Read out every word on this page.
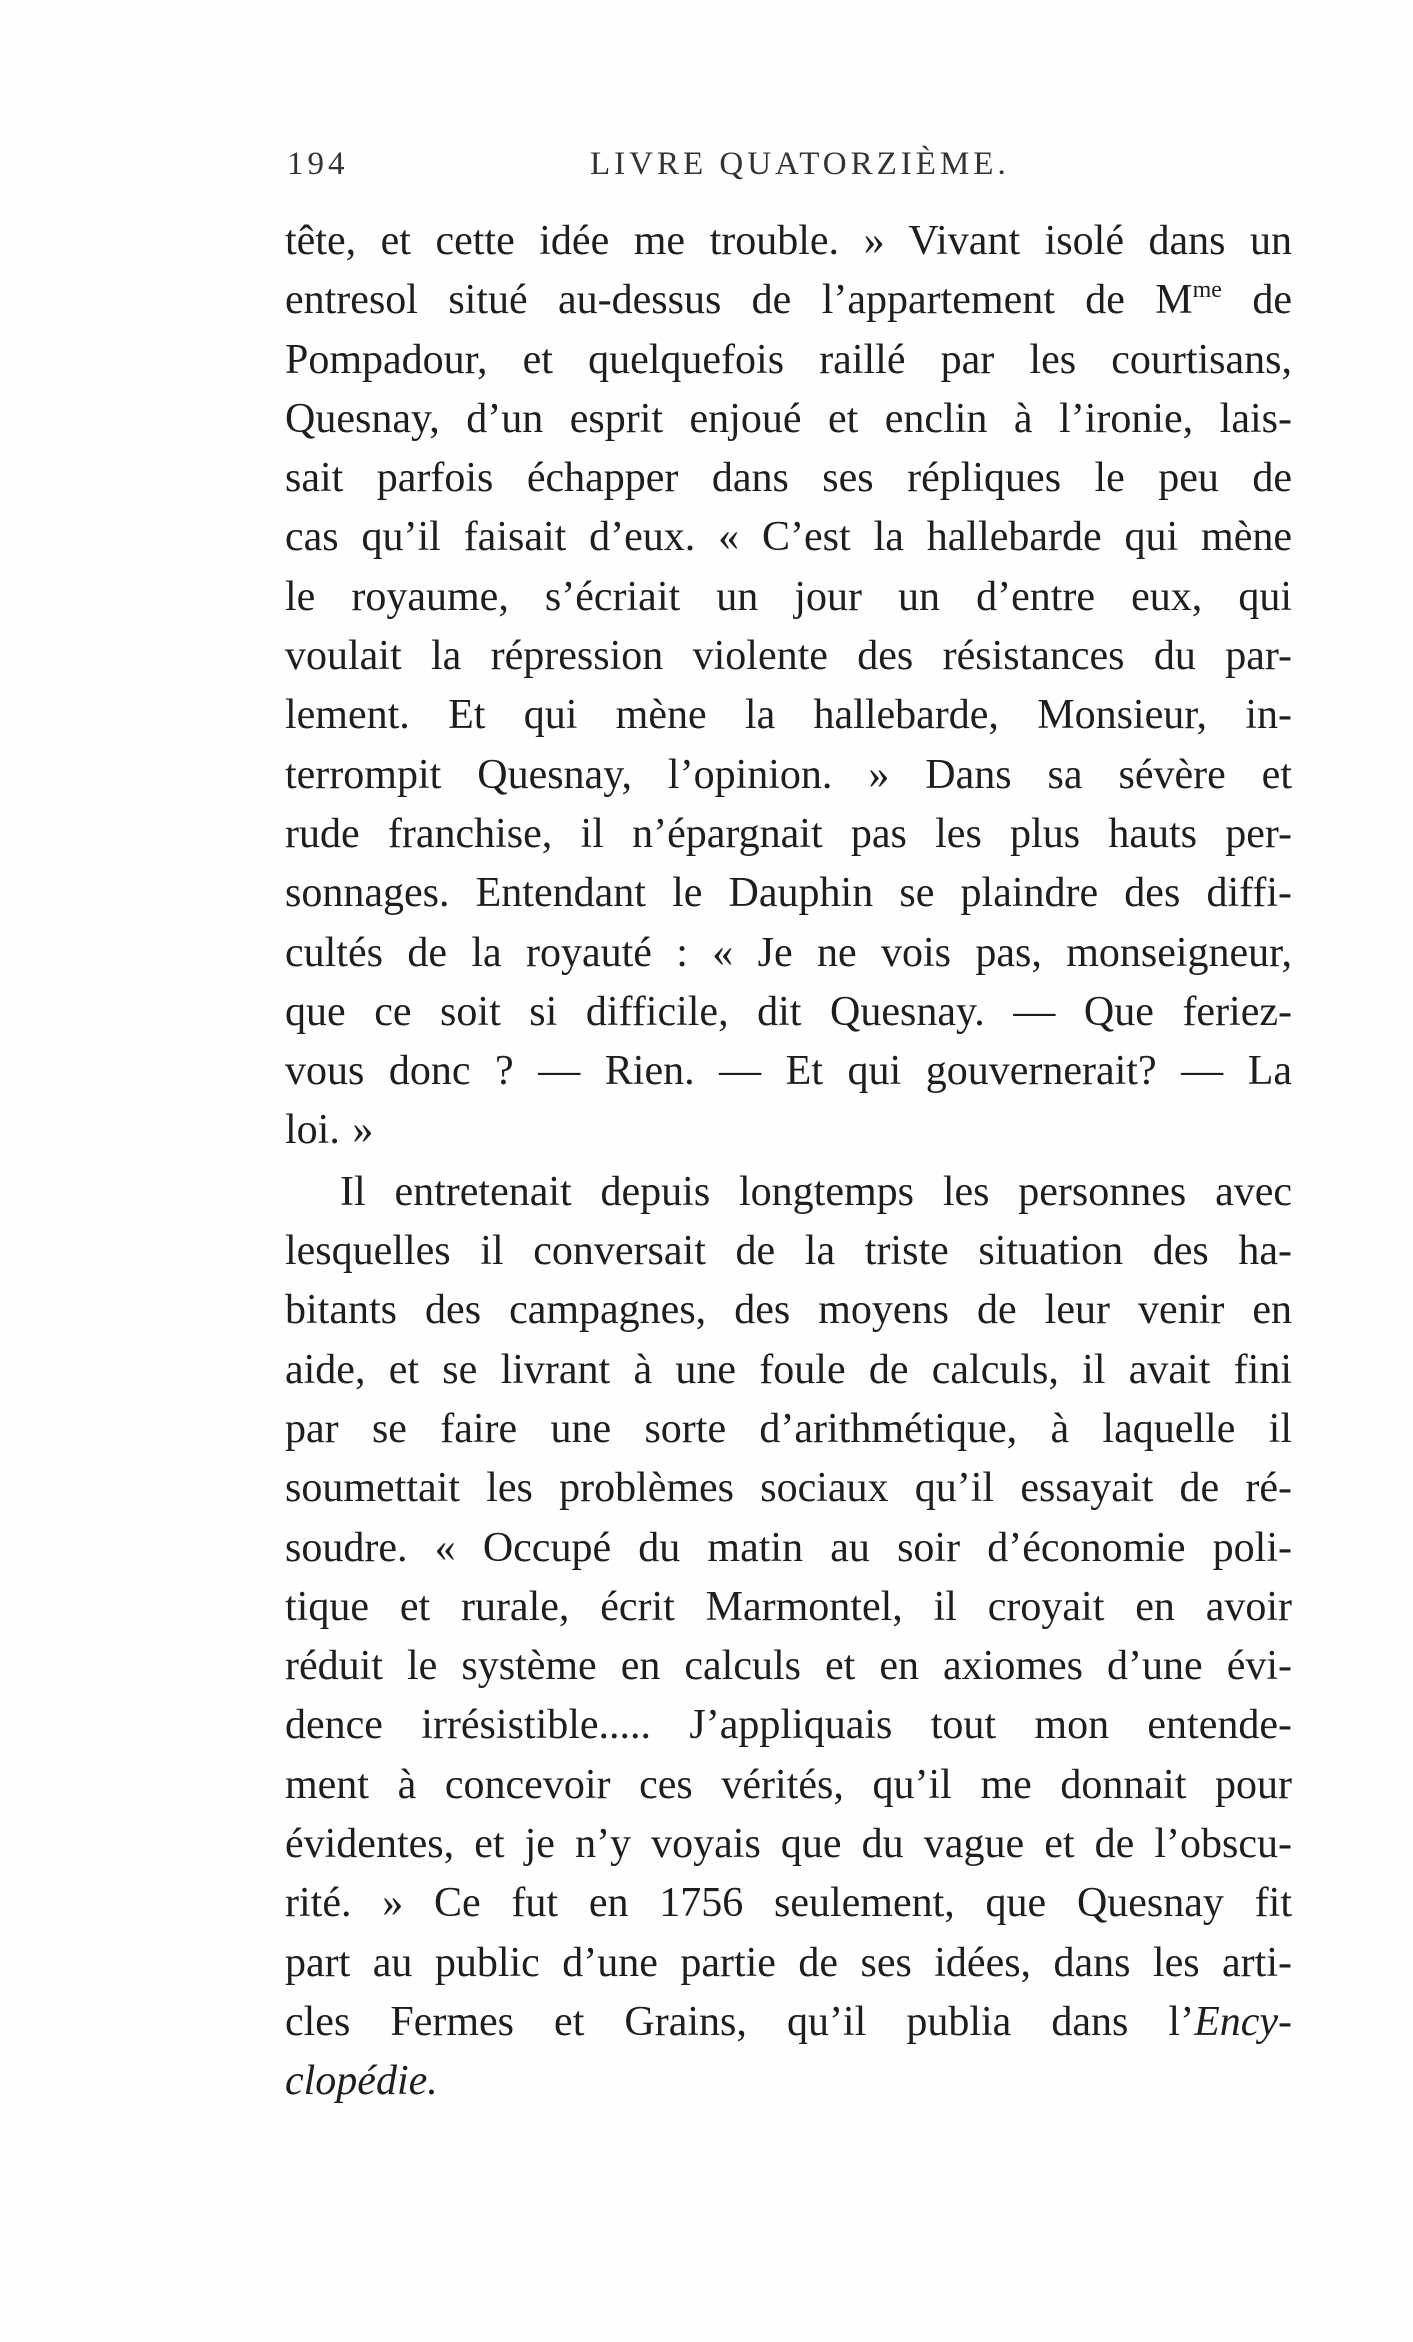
194	LIVRE QUATORZIÈME.
tête, et cette idée me trouble. » Vivant isolé dans un
entresol situé au-dessus de l’appartement de $M^{me}$ de
Pompadour, et quelquefois raillé par les courtisans,
Quesnay, d’un esprit enjoué et enclin à l’ironie, lais-
sait parfois échapper dans ses répliques le peu de
cas qu’il faisait d’eux. « C’est la hallebarde qui mène
le royaume, s’écriait un jour un d’entre eux, qui
voulait la répression violente des résistances du par-
lement. Et qui mène la hallebarde, Monsieur, in-
terrompit Quesnay, l’opinion. » Dans sa sévère et
rude franchise, il n’épargnait pas les plus hauts per-
sonnages. Entendant le Dauphin se plaindre des diffi-
cultés de la royauté : « Je ne vois pas, monseigneur,
que ce soit si difficile, dit Quesnay. — Que feriez-
vous donc ? — Rien. — Et qui gouvernerait? — La
loi. »
Il entretenait depuis longtemps les personnes avec
lesquelles il conversait de la triste situation des ha-
bitants des campagnes, des moyens de leur venir en
aide, et se livrant à une foule de calculs, il avait fini
par se faire une sorte d’arithmétique, à laquelle il
soumettait les problèmes sociaux qu’il essayait de ré-
soudre. « Occupé du matin au soir d’économie poli-
tique et rurale, écrit Marmontel, il croyait en avoir
réduit le système en calculs et en axiomes d’une évi-
dence irrésistible..... J’appliquais tout mon entende-
ment à concevoir ces vérités, qu’il me donnait pour
évidentes, et je n’y voyais que du vague et de l’obscu-
rité. » Ce fut en 1756 seulement, que Quesnay fit
part au public d’une partie de ses idées, dans les arti-
cles Fermes et Grains, qu’il publia dans l’Ency-
clopédie.
